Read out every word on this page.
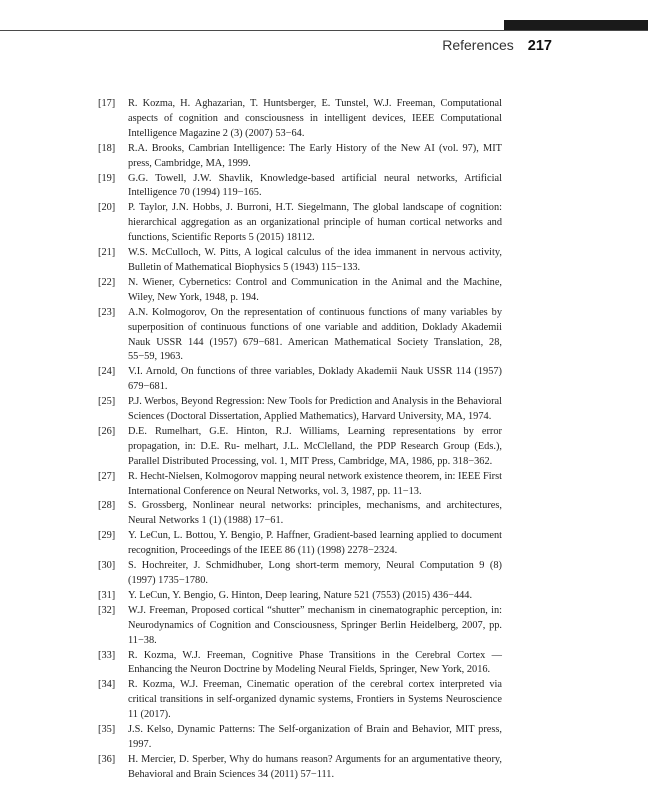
References 217
[17] R. Kozma, H. Aghazarian, T. Huntsberger, E. Tunstel, W.J. Freeman, Computational aspects of cognition and consciousness in intelligent devices, IEEE Computational Intelligence Magazine 2 (3) (2007) 53−64.
[18] R.A. Brooks, Cambrian Intelligence: The Early History of the New AI (vol. 97), MIT press, Cambridge, MA, 1999.
[19] G.G. Towell, J.W. Shavlik, Knowledge-based artificial neural networks, Artificial Intelligence 70 (1994) 119−165.
[20] P. Taylor, J.N. Hobbs, J. Burroni, H.T. Siegelmann, The global landscape of cognition: hierarchical aggregation as an organizational principle of human cortical networks and functions, Scientific Reports 5 (2015) 18112.
[21] W.S. McCulloch, W. Pitts, A logical calculus of the idea immanent in nervous activity, Bulletin of Mathematical Biophysics 5 (1943) 115−133.
[22] N. Wiener, Cybernetics: Control and Communication in the Animal and the Machine, Wiley, New York, 1948, p. 194.
[23] A.N. Kolmogorov, On the representation of continuous functions of many variables by superposition of continuous functions of one variable and addition, Doklady Akademii Nauk USSR 144 (1957) 679−681. American Mathematical Society Translation, 28, 55−59, 1963.
[24] V.I. Arnold, On functions of three variables, Doklady Akademii Nauk USSR 114 (1957) 679−681.
[25] P.J. Werbos, Beyond Regression: New Tools for Prediction and Analysis in the Behavioral Sciences (Doctoral Dissertation, Applied Mathematics), Harvard University, MA, 1974.
[26] D.E. Rumelhart, G.E. Hinton, R.J. Williams, Learning representations by error propagation, in: D.E. Ru- melhart, J.L. McClelland, the PDP Research Group (Eds.), Parallel Distributed Processing, vol. 1, MIT Press, Cambridge, MA, 1986, pp. 318−362.
[27] R. Hecht-Nielsen, Kolmogorov mapping neural network existence theorem, in: IEEE First International Conference on Neural Networks, vol. 3, 1987, pp. 11−13.
[28] S. Grossberg, Nonlinear neural networks: principles, mechanisms, and architectures, Neural Networks 1 (1) (1988) 17−61.
[29] Y. LeCun, L. Bottou, Y. Bengio, P. Haffner, Gradient-based learning applied to document recognition, Proceedings of the IEEE 86 (11) (1998) 2278−2324.
[30] S. Hochreiter, J. Schmidhuber, Long short-term memory, Neural Computation 9 (8) (1997) 1735−1780.
[31] Y. LeCun, Y. Bengio, G. Hinton, Deep learing, Nature 521 (7553) (2015) 436−444.
[32] W.J. Freeman, Proposed cortical “shutter” mechanism in cinematographic perception, in: Neurodynamics of Cognition and Consciousness, Springer Berlin Heidelberg, 2007, pp. 11−38.
[33] R. Kozma, W.J. Freeman, Cognitive Phase Transitions in the Cerebral Cortex — Enhancing the Neuron Doctrine by Modeling Neural Fields, Springer, New York, 2016.
[34] R. Kozma, W.J. Freeman, Cinematic operation of the cerebral cortex interpreted via critical transitions in self-organized dynamic systems, Frontiers in Systems Neuroscience 11 (2017).
[35] J.S. Kelso, Dynamic Patterns: The Self-organization of Brain and Behavior, MIT press, 1997.
[36] H. Mercier, D. Sperber, Why do humans reason? Arguments for an argumentative theory, Behavioral and Brain Sciences 34 (2011) 57−111.
